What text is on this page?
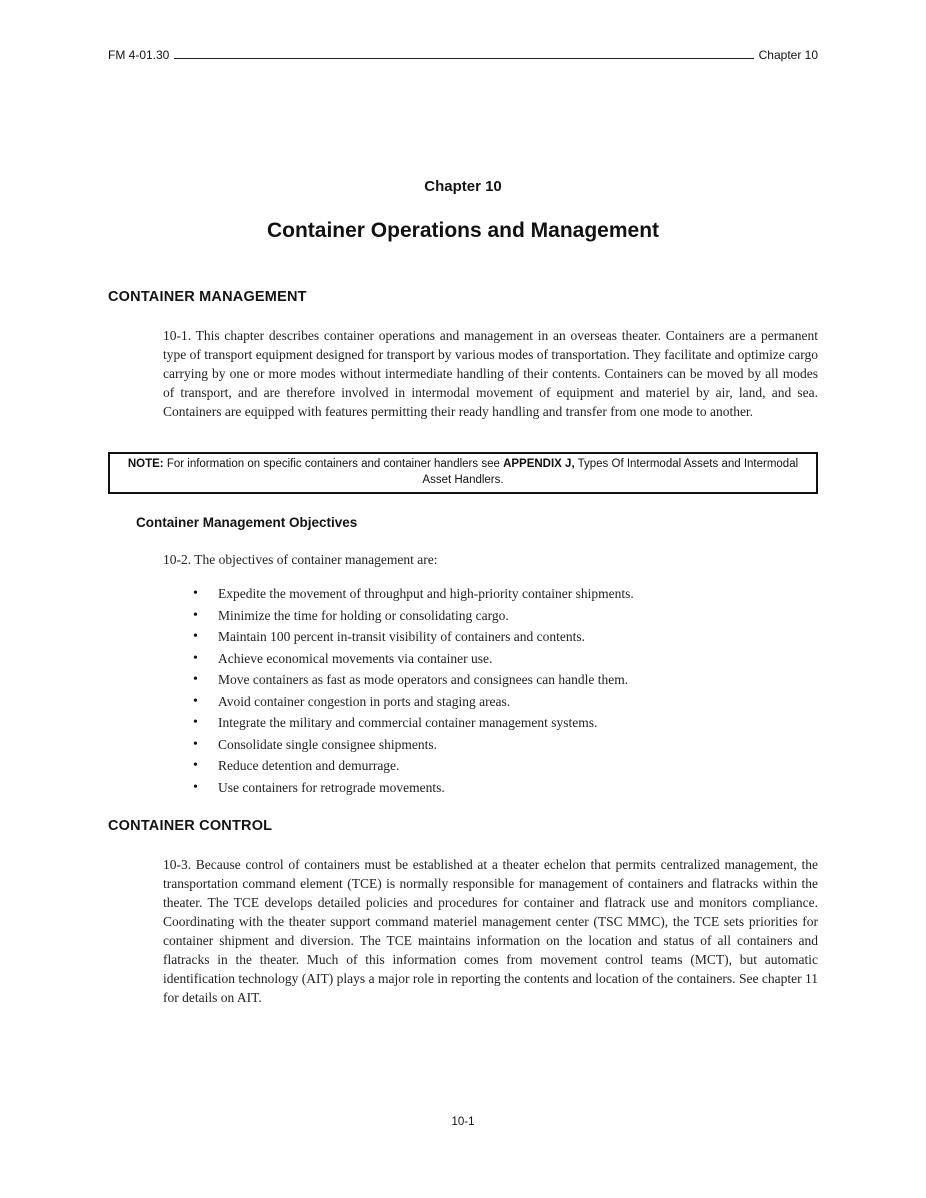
FM 4-01.30	Chapter 10
Chapter 10
Container Operations and Management
CONTAINER MANAGEMENT

10-1. This chapter describes container operations and management in an overseas theater. Containers are a permanent type of transport equipment designed for transport by various modes of transportation. They facilitate and optimize cargo carrying by one or more modes without intermediate handling of their contents. Containers can be moved by all modes of transport, and are therefore involved in intermodal movement of equipment and materiel by air, land, and sea. Containers are equipped with features permitting their ready handling and transfer from one mode to another.

NOTE: For information on specific containers and container handlers see APPENDIX J, Types Of Intermodal Assets and Intermodal Asset Handlers.
Container Management Objectives

10-2. The objectives of container management are:

• Expedite the movement of throughput and high-priority container shipments.
• Minimize the time for holding or consolidating cargo.
• Maintain 100 percent in-transit visibility of containers and contents.
• Achieve economical movements via container use.
• Move containers as fast as mode operators and consignees can handle them.
• Avoid container congestion in ports and staging areas.
• Integrate the military and commercial container management systems.
• Consolidate single consignee shipments.
• Reduce detention and demurrage.
• Use containers for retrograde movements.
CONTAINER CONTROL

10-3. Because control of containers must be established at a theater echelon that permits centralized management, the transportation command element (TCE) is normally responsible for management of containers and flatracks within the theater. The TCE develops detailed policies and procedures for container and flatrack use and monitors compliance. Coordinating with the theater support command materiel management center (TSC MMC), the TCE sets priorities for container shipment and diversion. The TCE maintains information on the location and status of all containers and flatracks in the theater. Much of this information comes from movement control teams (MCT), but automatic identification technology (AIT) plays a major role in reporting the contents and location of the containers. See chapter 11 for details on AIT.

10-1
